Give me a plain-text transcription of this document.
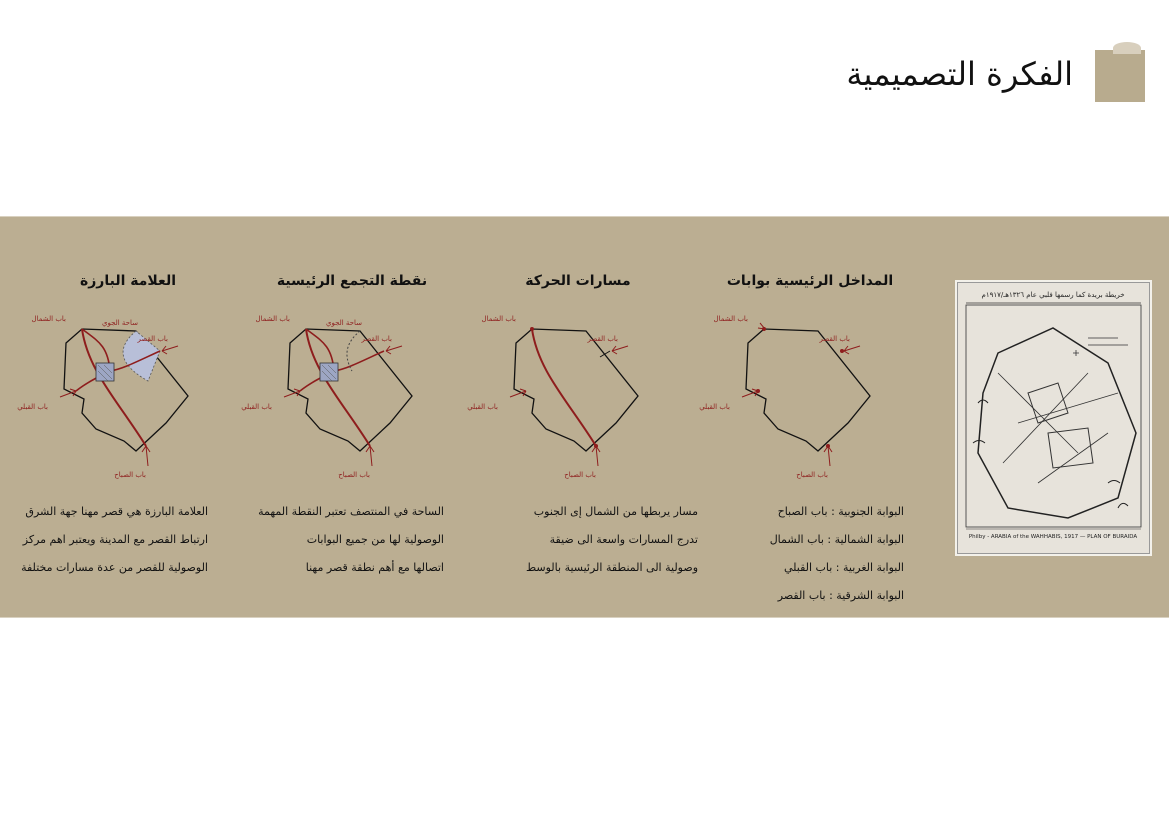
الفكرة التصميمية
خريطة بريدة كما رسمها فلبي عام ١٣٢٦هـ/١٩١٧م
Philby - ARABIA of the WAHHABIS, 1917 — PLAN OF BURAIDA
المداخل الرئيسية بوابات
باب الشمال
باب القصر
باب القبلي
باب الصباح

البوابة الجنوبية : باب الصباح

البوابة الشمالية : باب الشمال

البوابة الغربية : باب القبلي

البوابة الشرقية : باب القصر

مسارات الحركة
باب الشمال
باب القصر
باب القبلي
باب الصباح

مسار يربطها من الشمال إى الجنوب

تدرج المسارات واسعة الى ضيقة

وصولية الى المنطقة الرئيسية بالوسط

نقطة التجمع الرئيسية
ساحة الجوي
باب الشمال
باب القصر
باب القبلي
باب الصباح

الساحة في المنتصف تعتبر النقطة المهمة

الوصولية لها من جميع البوابات

اتصالها مع أهم نطقة قصر مهنا

العلامة البارزة
ساحة الجوي
باب الشمال
باب القصر
باب القبلي
باب الصباح

العلامة البارزة هي قصر مهنا جهة الشرق

ارتباط القصر مع المدينة ويعتبر اهم مركز

الوصولية للقصر من عدة مسارات مختلفة
